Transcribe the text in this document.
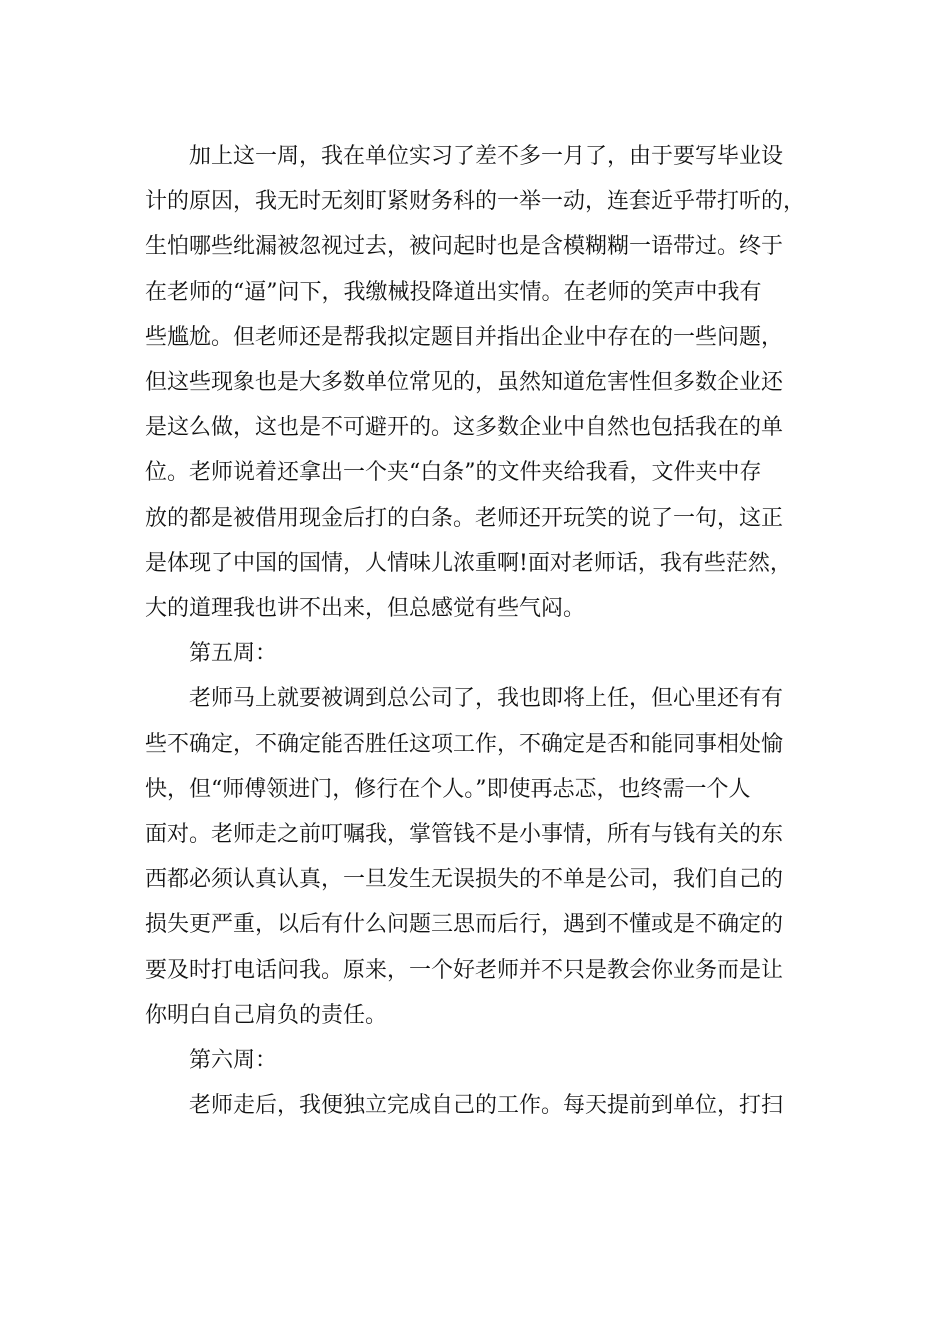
加上这一周，我在单位实习了差不多一月了，由于要写毕业设
计的原因，我无时无刻盯紧财务科的一举一动，连套近乎带打听的，
生怕哪些纰漏被忽视过去，被问起时也是含模糊糊一语带过。终于
在老师的“逼”问下，我缴械投降道出实情。在老师的笑声中我有
些尴尬。但老师还是帮我拟定题目并指出企业中存在的一些问题，
但这些现象也是大多数单位常见的，虽然知道危害性但多数企业还
是这么做，这也是不可避开的。这多数企业中自然也包括我在的单
位。老师说着还拿出一个夹“白条”的文件夹给我看，文件夹中存
放的都是被借用现金后打的白条。老师还开玩笑的说了一句，这正
是体现了中国的国情，人情味儿浓重啊!面对老师话，我有些茫然，
大的道理我也讲不出来，但总感觉有些气闷。

第五周：

老师马上就要被调到总公司了，我也即将上任，但心里还有有
些不确定，不确定能否胜任这项工作，不确定是否和能同事相处愉
快，但“师傅领进门，修行在个人。”即使再忐忑，也终需一个人
面对。老师走之前叮嘱我，掌管钱不是小事情，所有与钱有关的东
西都必须认真认真，一旦发生无误损失的不单是公司，我们自己的
损失更严重，以后有什么问题三思而后行，遇到不懂或是不确定的
要及时打电话问我。原来，一个好老师并不只是教会你业务而是让
你明白自己肩负的责任。

第六周：

老师走后，我便独立完成自己的工作。每天提前到单位，打扫
